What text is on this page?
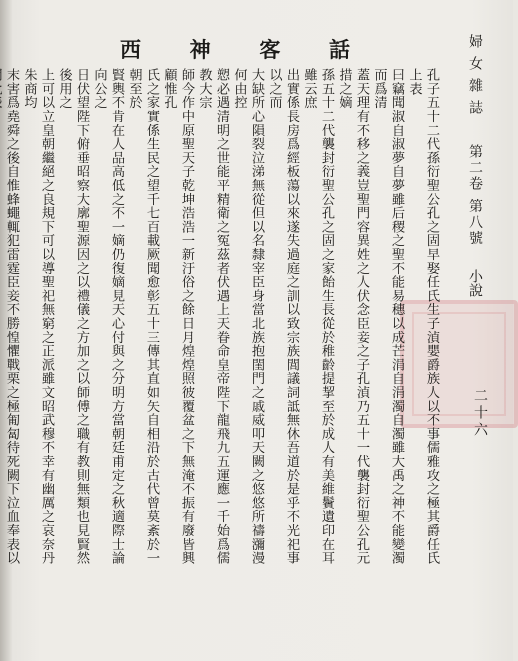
西 神 客 話	婦女雜誌 第二卷 第八號 小說
二十六
孔子五十二代孫衍聖公孔之固早娶任氏生子湞嬰爵族人以不事儒雅攻之極其爵任氏上表
曰竊聞淑自淑夢自夢雖后稷之聖不能易穗以成芒涓自涓濁自濁雖大禹之神不能變濁而爲清
蓋天理有不移之義豈聖門容異姓之人伏念臣妾之子孔湞乃五十一代襲封衍聖公孔元措之嫡
孫五十二代襲封衍聖公孔之固之家飴生長從於稚齡提挈至於成人有美維鬢遺印在耳雖云庶
出實係長房爲經板蕩以來遂失過庭之訓以致宗族閭議詞詆無休吾道於是乎不光祀事以之而
大缺所心隕裂泣涕無從但以名隸宰臣身當北族抱閨門之戚威叩天闕之悠悠所禱瀰漫何由控
愬必遇清明之世能平精衛之冤茲者伏遇上天眷命皇帝陛下龍飛九五運應一千始爲儒教大宗
師今作中原聖天子乾坤浩浩一新汙俗之餘日月煌煌照彼覆盆之下無淹不振有廢皆興顧惟孔
氏之家實係生民之望千七百載厥聞愈彰五十三傳其直如矢自相沿於古代曾莫紊於一朝至於
賢輿不肯在人品高低之不一嫡仍復嫡見天心付與之分明方當朝廷甫定之秋適際士論向公之
日伏望陛下俯垂昭察大廓聖源因之以禮儀之方加之以師傅之職有教則無類也見賢然後用之
上可以立皇朝繼絕之良規下可以導聖祀無窮之正派雖文昭武穆不幸有幽厲之哀奈丹朱商均
末害爲堯舜之後自惟蜂蠅輒犯雷霆臣妾不勝惶懼戰栗之極匍匐待死闕下泣血奉表以
